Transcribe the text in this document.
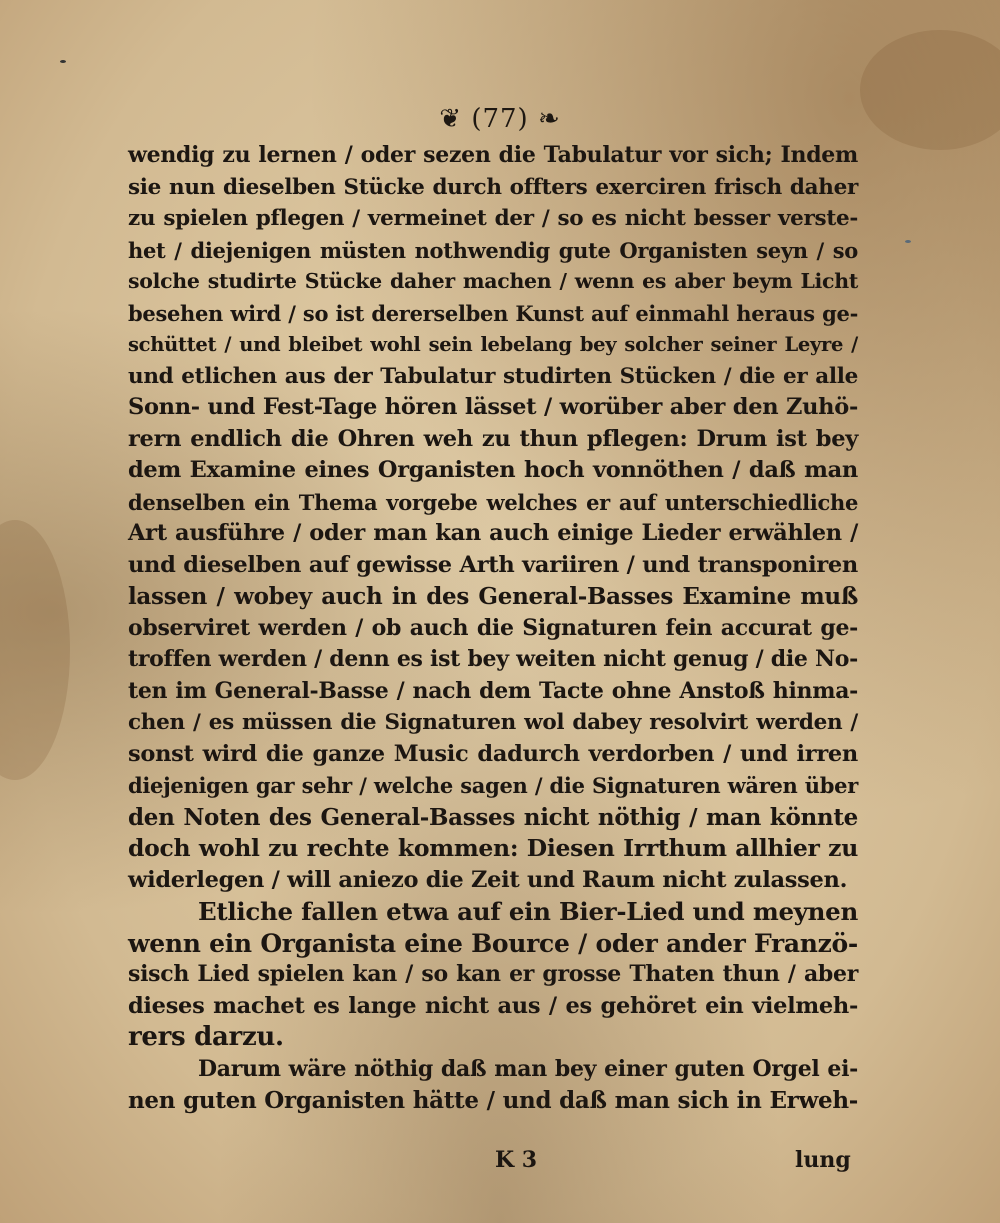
❦ (77) ❧
wendig zu lernen / oder sezen die Tabulatur vor sich; Indem
sie nun dieselben Stücke durch offters exerciren frisch daher
zu spielen pflegen / vermeinet der / so es nicht besser verste-
het / diejenigen müsten nothwendig gute Organisten seyn / so
solche studirte Stücke daher machen / wenn es aber beym Licht
besehen wird / so ist dererselben Kunst auf einmahl heraus ge-
schüttet / und bleibet wohl sein lebelang bey solcher seiner Leyre /
und etlichen aus der Tabulatur studirten Stücken / die er alle
Sonn- und Fest-Tage hören lässet / worüber aber den Zuhö-
rern endlich die Ohren weh zu thun pflegen: Drum ist bey
dem Examine eines Organisten hoch vonnöthen / daß man
denselben ein Thema vorgebe welches er auf unterschiedliche
Art ausführe / oder man kan auch einige Lieder erwählen /
und dieselben auf gewisse Arth variiren / und transponiren
lassen / wobey auch in des General-Basses Examine muß
observiret werden / ob auch die Signaturen fein accurat ge-
troffen werden / denn es ist bey weiten nicht genug / die No-
ten im General-Basse / nach dem Tacte ohne Anstoß hinma-
chen / es müssen die Signaturen wol dabey resolvirt werden /
sonst wird die ganze Music dadurch verdorben / und irren
diejenigen gar sehr / welche sagen / die Signaturen wären über
den Noten des General-Basses nicht nöthig / man könnte
doch wohl zu rechte kommen: Diesen Irrthum allhier zu
widerlegen / will aniezo die Zeit und Raum nicht zulassen.
Etliche fallen etwa auf ein Bier-Lied und meynen
wenn ein Organista eine Bource / oder ander Franzö-
sisch Lied spielen kan / so kan er grosse Thaten thun / aber
dieses machet es lange nicht aus / es gehöret ein vielmeh-
rers darzu.
Darum wäre nöthig daß man bey einer guten Orgel ei-
nen guten Organisten hätte / und daß man sich in Erweh-
K 3	lung
